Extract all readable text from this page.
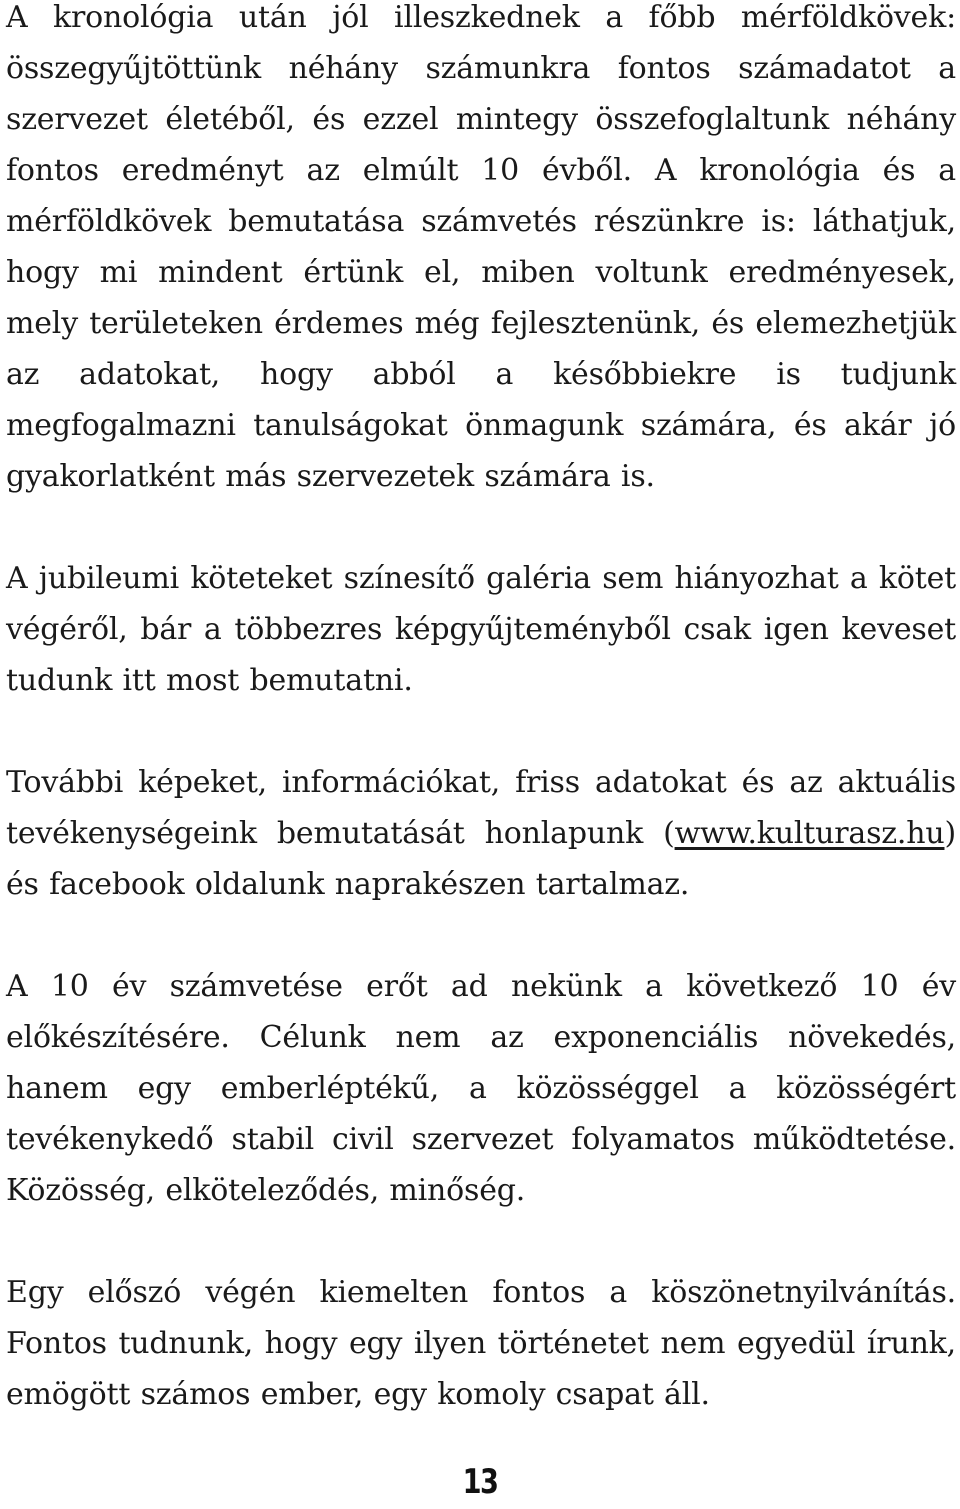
A kronológia után jól illeszkednek a főbb mérföldkövek: összegyűjtöttünk néhány számunkra fontos számadatot a szervezet életéből, és ezzel mintegy összefoglaltunk néhány fontos eredményt az elmúlt 10 évből. A kronológia és a mérföldkövek bemutatása számvetés részünkre is: láthatjuk, hogy mi mindent értünk el, miben voltunk eredményesek, mely területeken érdemes még fejlesztenünk, és elemezhetjük az adatokat, hogy abból a későbbiekre is tudjunk megfogalmazni tanulságokat önmagunk számára, és akár jó gyakorlatként más szervezetek számára is.

A jubileumi köteteket színesítő galéria sem hiányozhat a kötet végéről, bár a többezres képgyűjteményből csak igen keveset tudunk itt most bemutatni.

További képeket, információkat, friss adatokat és az aktuális tevékenységeink bemutatását honlapunk (www.kulturasz.hu) és facebook oldalunk naprakészen tartalmaz.

A 10 év számvetése erőt ad nekünk a következő 10 év előkészítésére. Célunk nem az exponenciális növekedés, hanem egy emberléptékű, a közösséggel a közösségért tevékenykedő stabil civil szervezet folyamatos működtetése. Közösség, elköteleződés, minőség.

Egy előszó végén kiemelten fontos a köszönetnyilvánítás. Fontos tudnunk, hogy egy ilyen történetet nem egyedül írunk, emögött számos ember, egy komoly csapat áll.

13
